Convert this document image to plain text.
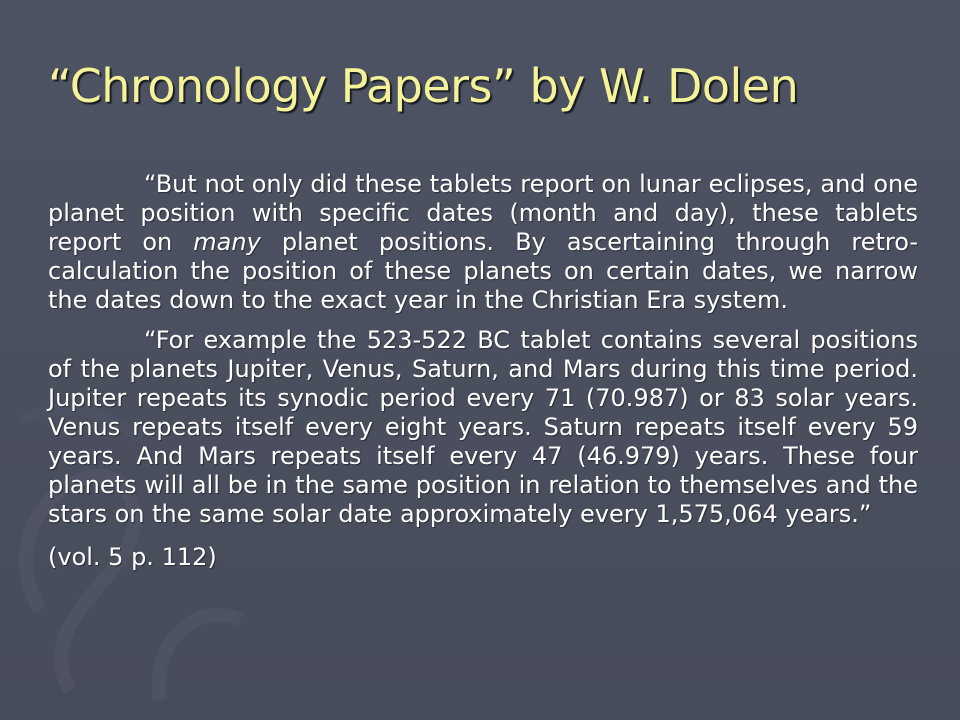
“Chronology Papers” by W. Dolen

“But not only did these tablets report on lunar eclipses, and one planet position with specific dates (month and day), these tablets report on many planet positions. By ascertaining through retro-calculation the position of these planets on certain dates, we narrow the dates down to the exact year in the Christian Era system.

“For example the 523-522 BC tablet contains several positions of the planets Jupiter, Venus, Saturn, and Mars during this time period. Jupiter repeats its synodic period every 71 (70.987) or 83 solar years. Venus repeats itself every eight years. Saturn repeats itself every 59 years. And Mars repeats itself every 47 (46.979) years. These four planets will all be in the same position in relation to themselves and the stars on the same solar date approximately every 1,575,064 years.”

(vol. 5 p. 112)
